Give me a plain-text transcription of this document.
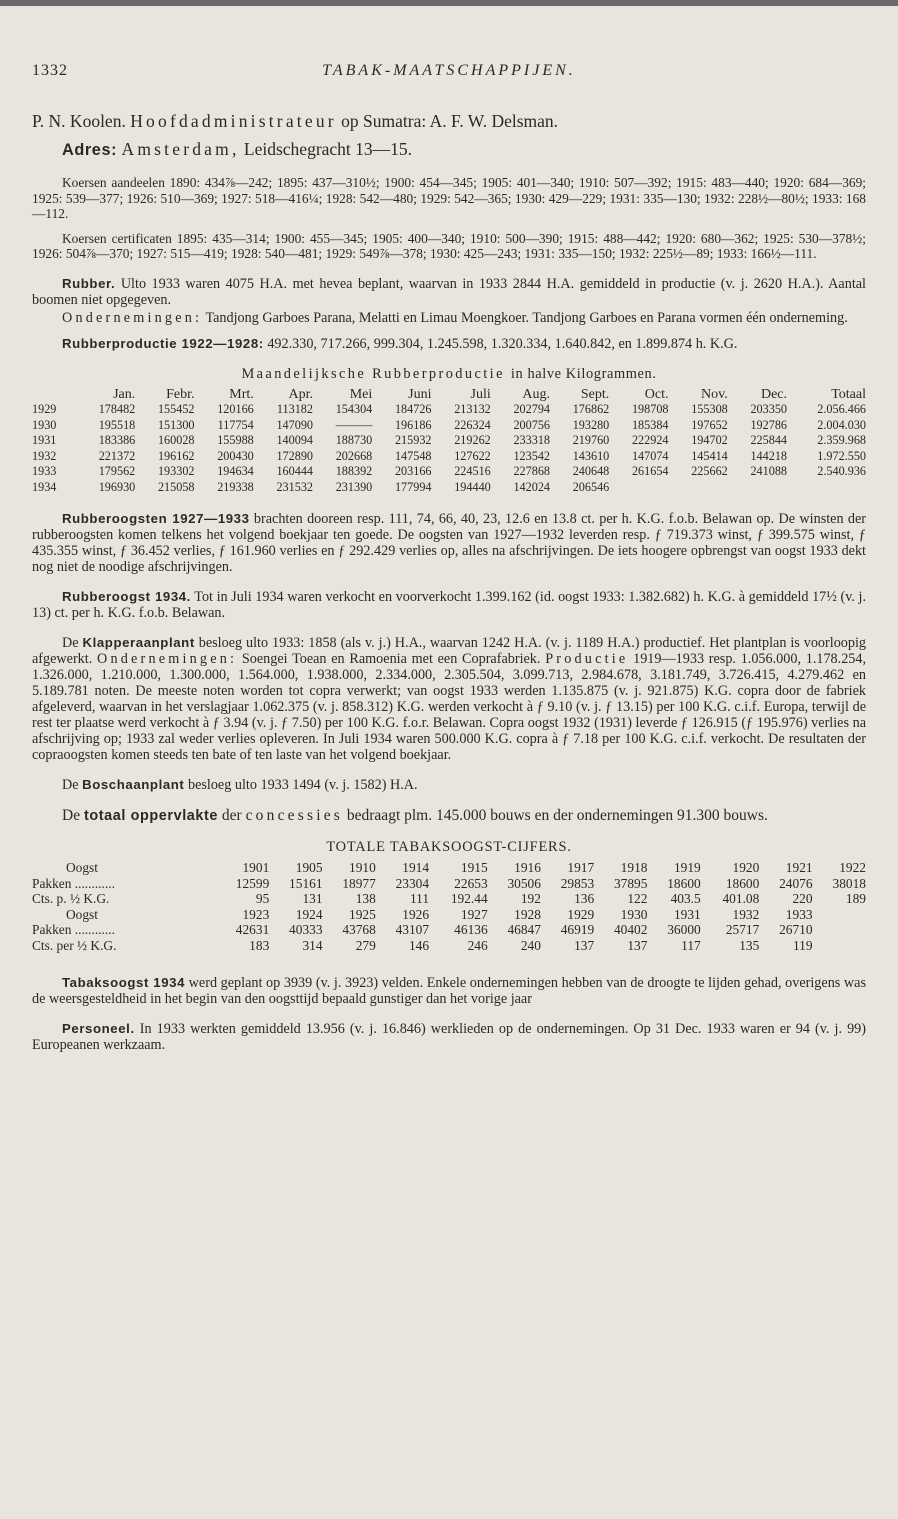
1332	TABAK-MAATSCHAPPIJEN.

P. N. Koolen. Hoofdadministrateur op Sumatra: A. F. W. Delsman.

Adres: Amsterdam, Leidschegracht 13—15.

Koersen aandeelen 1890: 434⅞—242; 1895: 437—310½; 1900: 454—345; 1905: 401—340; 1910: 507—392; 1915: 483—440; 1920: 684—369; 1925: 539—377; 1926: 510—369; 1927: 518—416¼; 1928: 542—480; 1929: 542—365; 1930: 429—229; 1931: 335—130; 1932: 228½—80½; 1933: 168—112.

Koersen certificaten 1895: 435—314; 1900: 455—345; 1905: 400—340; 1910: 500—390; 1915: 488—442; 1920: 680—362; 1925: 530—378½; 1926: 504⅞—370; 1927: 515—419; 1928: 540—481; 1929: 549⅞—378; 1930: 425—243; 1931: 335—150; 1932: 225½—89; 1933: 166½—111.

Rubber. Ulto 1933 waren 4075 H.A. met hevea beplant, waarvan in 1933 2844 H.A. gemiddeld in productie (v. j. 2620 H.A.). Aantal boomen niet opgegeven.

Ondernemingen: Tandjong Garboes Parana, Melatti en Limau Moengkoer. Tandjong Garboes en Parana vormen één onderneming.

Rubberproductie 1922—1928: 492.330, 717.266, 999.304, 1.245.598, 1.320.334, 1.640.842, en 1.899.874 h. K.G.

Maandelijksche Rubberproductie in halve Kilogrammen.
	Jan.	Febr.	Mrt.	Apr.	Mei	Juni	Juli	Aug.	Sept.	Oct.	Nov.	Dec.	Totaal
1929	178482	155452	120166	113182	154304	184726	213132	202794	176862	198708	155308	203350	2.056.466
1930	195518	151300	117754	147090	———	196186	226324	200756	193280	185384	197652	192786	2.004.030
1931	183386	160028	155988	140094	188730	215932	219262	233318	219760	222924	194702	225844	2.359.968
1932	221372	196162	200430	172890	202668	147548	127622	123542	143610	147074	145414	144218	1.972.550
1933	179562	193302	194634	160444	188392	203166	224516	227868	240648	261654	225662	241088	2.540.936
1934	196930	215058	219338	231532	231390	177994	194440	142024	206546				

Rubberoogsten 1927—1933 brachten dooreen resp. 111, 74, 66, 40, 23, 12.6 en 13.8 ct. per h. K.G. f.o.b. Belawan op. De winsten der rubberoogsten komen telkens het volgend boekjaar ten goede. De oogsten van 1927—1932 leverden resp. ƒ 719.373 winst, ƒ 399.575 winst, ƒ 435.355 winst, ƒ 36.452 verlies, ƒ 161.960 verlies en ƒ 292.429 verlies op, alles na afschrijvingen. De iets hoogere opbrengst van oogst 1933 dekt nog niet de noodige afschrijvingen.

Rubberoogst 1934. Tot in Juli 1934 waren verkocht en voorverkocht 1.399.162 (id. oogst 1933: 1.382.682) h. K.G. à gemiddeld 17½ (v. j. 13) ct. per h. K.G. f.o.b. Belawan.

De Klapperaanplant besloeg ulto 1933: 1858 (als v. j.) H.A., waarvan 1242 H.A. (v. j. 1189 H.A.) productief. Het plantplan is voorloopig afgewerkt. Ondernemingen: Soengei Toean en Ramoenia met een Coprafabriek. Productie 1919—1933 resp. 1.056.000, 1.178.254, 1.326.000, 1.210.000, 1.300.000, 1.564.000, 1.938.000, 2.334.000, 2.305.504, 3.099.713, 2.984.678, 3.181.749, 3.726.415, 4.279.462 en 5.189.781 noten. De meeste noten worden tot copra verwerkt; van oogst 1933 werden 1.135.875 (v. j. 921.875) K.G. copra door de fabriek afgeleverd, waarvan in het verslagjaar 1.062.375 (v. j. 858.312) K.G. werden verkocht à ƒ 9.10 (v. j. ƒ 13.15) per 100 K.G. c.i.f. Europa, terwijl de rest ter plaatse werd verkocht à ƒ 3.94 (v. j. ƒ 7.50) per 100 K.G. f.o.r. Belawan. Copra oogst 1932 (1931) leverde ƒ 126.915 (ƒ 195.976) verlies na afschrijving op; 1933 zal weder verlies opleveren. In Juli 1934 waren 500.000 K.G. copra à ƒ 7.18 per 100 K.G. c.i.f. verkocht. De resultaten der copraoogsten komen steeds ten bate of ten laste van het volgend boekjaar.

De Boschaanplant besloeg ulto 1933 1494 (v. j. 1582) H.A.

De totaal oppervlakte der concessies bedraagt plm. 145.000 bouws en der ondernemingen 91.300 bouws.

TOTALE TABAKSOOGST-CIJFERS.
Oogst	1901	1905	1910	1914	1915	1916	1917	1918	1919	1920	1921	1922
Pakken ............	12599	15161	18977	23304	22653	30506	29853	37895	18600	18600	24076	38018
Cts. p. ½ K.G.	95	131	138	111	192.44	192	136	122	403.5	401.08	220	189
Oogst	1923	1924	1925	1926	1927	1928	1929	1930	1931	1932	1933	
Pakken ............	42631	40333	43768	43107	46136	46847	46919	40402	36000	25717	26710	
Cts. per ½ K.G.	183	314	279	146	246	240	137	137	117	135	119	

Tabaksoogst 1934 werd geplant op 3939 (v. j. 3923) velden. Enkele ondernemingen hebben van de droogte te lijden gehad, overigens was de weersgesteldheid in het begin van den oogsttijd bepaald gunstiger dan het vorige jaar

Personeel. In 1933 werkten gemiddeld 13.956 (v. j. 16.846) werklieden op de ondernemingen. Op 31 Dec. 1933 waren er 94 (v. j. 99) Europeanen werkzaam.
